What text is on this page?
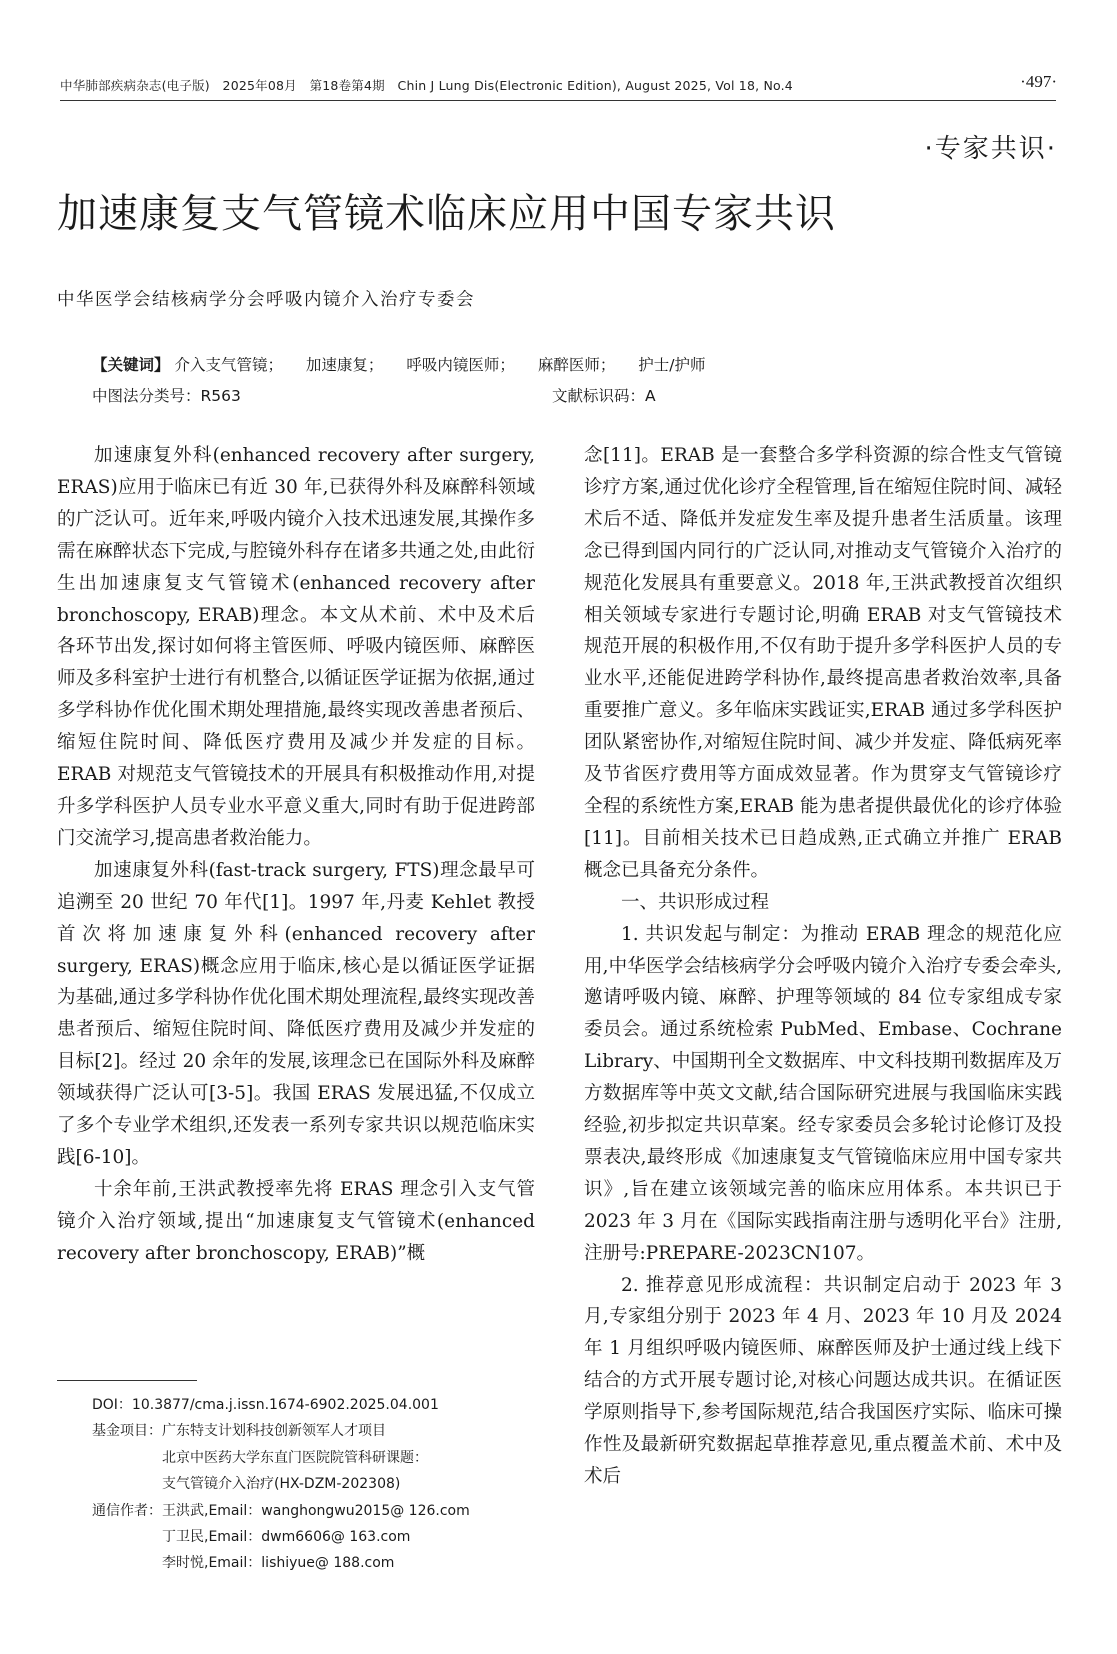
中华肺部疾病杂志(电子版)　2025年08月　第18卷第4期　Chin J Lung Dis(Electronic Edition), August 2025, Vol 18, No.4	·497·
·专家共识·
加速康复支气管镜术临床应用中国专家共识
中华医学会结核病学分会呼吸内镜介入治疗专委会
【关键词】 介入支气管镜； 加速康复； 呼吸内镜医师； 麻醉医师； 护士/护师
中图法分类号：R563	文献标识码：A

加速康复外科(enhanced recovery after surgery, ERAS)应用于临床已有近 30 年,已获得外科及麻醉科领域的广泛认可。近年来,呼吸内镜介入技术迅速发展,其操作多需在麻醉状态下完成,与腔镜外科存在诸多共通之处,由此衍生出加速康复支气管镜术(enhanced recovery after bronchoscopy, ERAB)理念。本文从术前、术中及术后各环节出发,探讨如何将主管医师、呼吸内镜医师、麻醉医师及多科室护士进行有机整合,以循证医学证据为依据,通过多学科协作优化围术期处理措施,最终实现改善患者预后、缩短住院时间、降低医疗费用及减少并发症的目标。ERAB 对规范支气管镜技术的开展具有积极推动作用,对提升多学科医护人员专业水平意义重大,同时有助于促进跨部门交流学习,提高患者救治能力。

加速康复外科(fast-track surgery, FTS)理念最早可追溯至 20 世纪 70 年代[1]。1997 年,丹麦 Kehlet 教授首次将加速康复外科(enhanced recovery after surgery, ERAS)概念应用于临床,核心是以循证医学证据为基础,通过多学科协作优化围术期处理流程,最终实现改善患者预后、缩短住院时间、降低医疗费用及减少并发症的目标[2]。经过 20 余年的发展,该理念已在国际外科及麻醉领域获得广泛认可[3-5]。我国 ERAS 发展迅猛,不仅成立了多个专业学术组织,还发表一系列专家共识以规范临床实践[6-10]。

十余年前,王洪武教授率先将 ERAS 理念引入支气管镜介入治疗领域,提出“加速康复支气管镜术(enhanced recovery after bronchoscopy, ERAB)”概

念[11]。ERAB 是一套整合多学科资源的综合性支气管镜诊疗方案,通过优化诊疗全程管理,旨在缩短住院时间、减轻术后不适、降低并发症发生率及提升患者生活质量。该理念已得到国内同行的广泛认同,对推动支气管镜介入治疗的规范化发展具有重要意义。2018 年,王洪武教授首次组织相关领域专家进行专题讨论,明确 ERAB 对支气管镜技术规范开展的积极作用,不仅有助于提升多学科医护人员的专业水平,还能促进跨学科协作,最终提高患者救治效率,具备重要推广意义。多年临床实践证实,ERAB 通过多学科医护团队紧密协作,对缩短住院时间、减少并发症、降低病死率及节省医疗费用等方面成效显著。作为贯穿支气管镜诊疗全程的系统性方案,ERAB 能为患者提供最优化的诊疗体验[11]。目前相关技术已日趋成熟,正式确立并推广 ERAB 概念已具备充分条件。

一、共识形成过程

1. 共识发起与制定：为推动 ERAB 理念的规范化应用,中华医学会结核病学分会呼吸内镜介入治疗专委会牵头,邀请呼吸内镜、麻醉、护理等领域的 84 位专家组成专家委员会。通过系统检索 PubMed、Embase、Cochrane Library、中国期刊全文数据库、中文科技期刊数据库及万方数据库等中英文文献,结合国际研究进展与我国临床实践经验,初步拟定共识草案。经专家委员会多轮讨论修订及投票表决,最终形成《加速康复支气管镜临床应用中国专家共识》,旨在建立该领域完善的临床应用体系。本共识已于 2023 年 3 月在《国际实践指南注册与透明化平台》注册,注册号:PREPARE-2023CN107。

2. 推荐意见形成流程：共识制定启动于 2023 年 3 月,专家组分别于 2023 年 4 月、2023 年 10 月及 2024 年 1 月组织呼吸内镜医师、麻醉医师及护士通过线上线下结合的方式开展专题讨论,对核心问题达成共识。在循证医学原则指导下,参考国际规范,结合我国医疗实际、临床可操作性及最新研究数据起草推荐意见,重点覆盖术前、术中及术后

DOI：10.3877/cma.j.issn.1674-6902.2025.04.001
基金项目： 广东特支计划科技创新领军人才项目
北京中医药大学东直门医院院管科研课题：
支气管镜介入治疗(HX-DZM-202308)
通信作者： 王洪武,Email：wanghongwu2015@ 126.com
丁卫民,Email：dwm6606@ 163.com
李时悦,Email：lishiyue@ 188.com
